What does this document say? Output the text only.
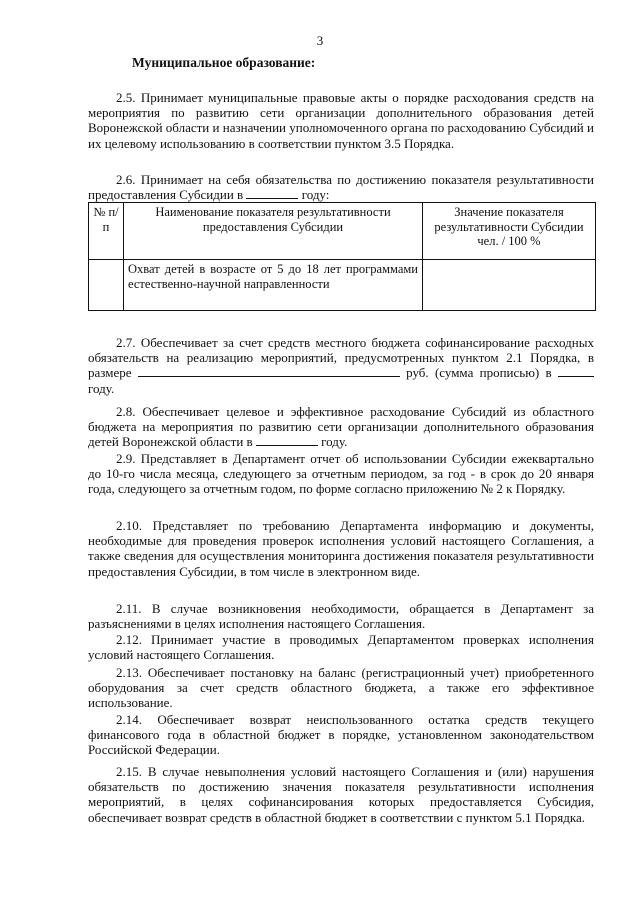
3
Муниципальное образование:

2.5. Принимает муниципальные правовые акты о порядке расходования средств на мероприятия по развитию сети организации дополнительного образования детей Воронежской области и назначении уполномоченного органа по расходованию Субсидий и их целевому использованию в соответствии пунктом 3.5 Порядка.

2.6. Принимает на себя обязательства по достижению показателя результативности предоставления Субсидии в	году:

№ п/п	Наименование показателя результативности предоставления Субсидии	Значение показателя результативности Субсидии чел. / 100 %
	Охват детей в возрасте от 5 до 18 лет программами естественно-научной направленности	

2.7. Обеспечивает за счет средств местного бюджета софинансирование расходных обязательств на реализацию мероприятий, предусмотренных пунктом 2.1 Порядка, в размере	руб. (сумма прописью) в  году.

2.8. Обеспечивает целевое и эффективное расходование Субсидий из областного бюджета на мероприятия по развитию сети организации дополнительного образования детей Воронежской области в	году.

2.9. Представляет в Департамент отчет об использовании Субсидии ежеквартально до 10-го числа месяца, следующего за отчетным периодом, за год - в срок до 20 января года, следующего за отчетным годом, по форме согласно приложению № 2 к Порядку.

2.10. Представляет по требованию Департамента информацию и документы, необходимые для проведения проверок исполнения условий настоящего Соглашения, а также сведения для осуществления мониторинга достижения показателя результативности предоставления Субсидии, в том числе в электронном виде.

2.11. В случае возникновения необходимости, обращается в Департамент за разъяснениями в целях исполнения настоящего Соглашения.

2.12. Принимает участие в проводимых Департаментом проверках исполнения условий настоящего Соглашения.

2.13. Обеспечивает постановку на баланс (регистрационный учет) приобретенного оборудования за счет средств областного бюджета, а также его эффективное использование.

2.14. Обеспечивает возврат неиспользованного остатка средств текущего финансового года в областной бюджет в порядке, установленном законодательством Российской Федерации.

2.15. В случае невыполнения условий настоящего Соглашения и (или) нарушения обязательств по достижению значения показателя результативности исполнения мероприятий, в целях софинансирования которых предоставляется Субсидия, обеспечивает возврат средств в областной бюджет в соответствии с пунктом 5.1 Порядка.
